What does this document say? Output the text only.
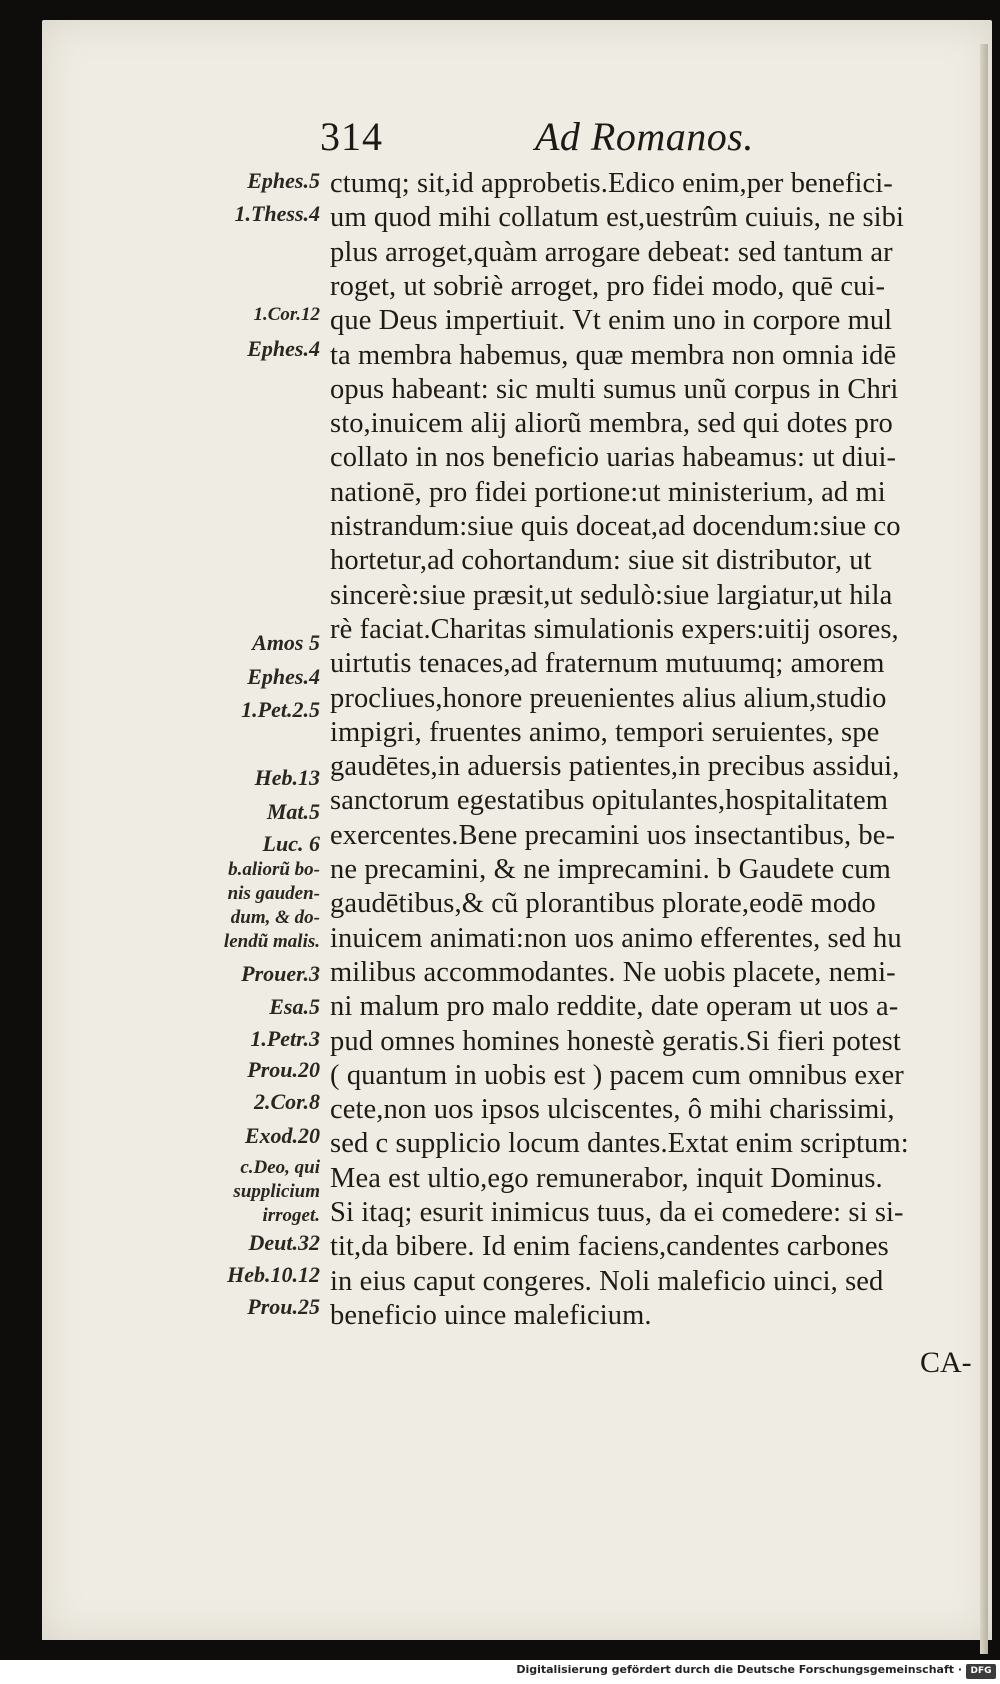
314	Ad Romanos.
Ephes.5
1.Thess.4
1.Cor.12
Ephes.4
Amos 5
Ephes.4
1.Pet.2.5
Heb.13
Mat.5
Luc. 6
b.aliorũ bo-
nis gauden-
dum, & do-
lendũ malis.
Prouer.3
Esa.5
1.Petr.3
Prou.20
2.Cor.8
Exod.20
c.Deo, qui
supplicium
irroget.
Deut.32
Heb.10.12
Prou.25
ctumq; sit,id approbetis.Edico enim,per benefici-
um quod mihi collatum est,uestrûm cuiuis, ne sibi
plus arroget,quàm arrogare debeat: sed tantum ar
roget, ut sobriè arroget, pro fidei modo, quē cui-
que Deus impertiuit. Vt enim uno in corpore mul
ta membra habemus, quæ membra non omnia idē
opus habeant: sic multi sumus unũ corpus in Chri
sto,inuicem alij aliorũ membra, sed qui dotes pro
collato in nos beneficio uarias habeamus: ut diui-
nationē, pro fidei portione:ut ministerium, ad mi
nistrandum:siue quis doceat,ad docendum:siue co
hortetur,ad cohortandum: siue sit distributor, ut
sincerè:siue præsit,ut sedulò:siue largiatur,ut hila
rè faciat.Charitas simulationis expers:uitij osores,
uirtutis tenaces,ad fraternum mutuumq; amorem
procliues,honore preuenientes alius alium,studio
impigri, fruentes animo, tempori seruientes, spe
gaudētes,in aduersis patientes,in precibus assidui,
sanctorum egestatibus opitulantes,hospitalitatem
exercentes.Bene precamini uos insectantibus, be-
ne precamini, & ne imprecamini. b Gaudete cum
gaudētibus,& cũ plorantibus plorate,eodē modo
inuicem animati:non uos animo efferentes, sed hu
milibus accommodantes. Ne uobis placete, nemi-
ni malum pro malo reddite, date operam ut uos a-
pud omnes homines honestè geratis.Si fieri potest
( quantum in uobis est ) pacem cum omnibus exer
cete,non uos ipsos ulciscentes, ô mihi charissimi,
sed c supplicio locum dantes.Extat enim scriptum:
Mea est ultio,ego remunerabor, inquit Dominus.
Si itaq; esurit inimicus tuus, da ei comedere: si si-
tit,da bibere. Id enim faciens,candentes carbones
in eius caput congeres. Noli maleficio uinci, sed
beneficio uince maleficium.
CA-
Digitalisierung gefördert durch die Deutsche Forschungsgemeinschaft · DFG
